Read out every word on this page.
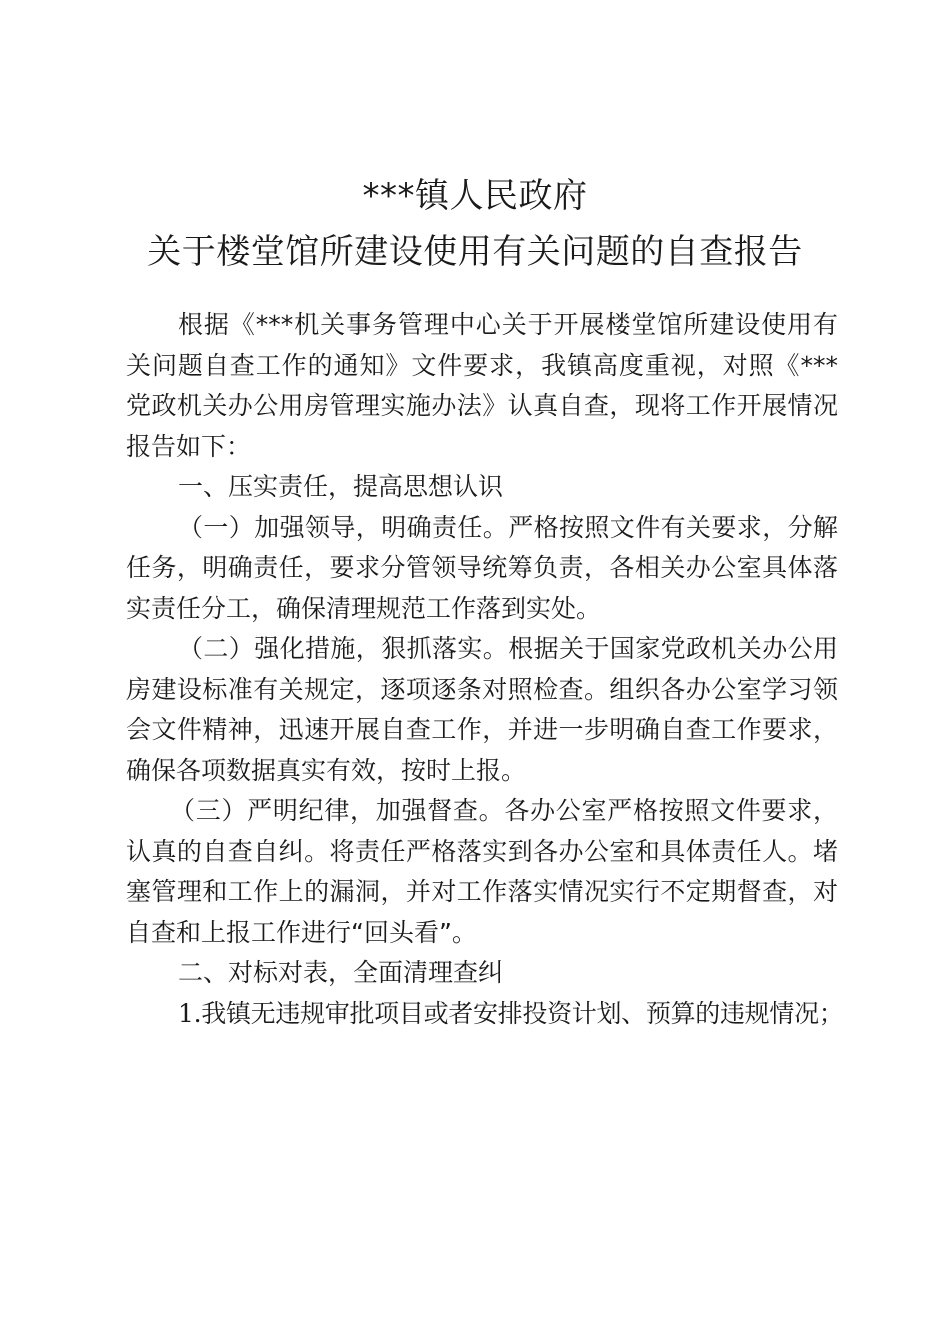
***镇人民政府
关于楼堂馆所建设使用有关问题的自查报告

根据《***机关事务管理中心关于开展楼堂馆所建设使用有关问题自查工作的通知》文件要求，我镇高度重视，对照《***党政机关办公用房管理实施办法》认真自查，现将工作开展情况报告如下：

一、压实责任，提高思想认识

（一）加强领导，明确责任。严格按照文件有关要求，分解任务，明确责任，要求分管领导统筹负责，各相关办公室具体落实责任分工，确保清理规范工作落到实处。

（二）强化措施，狠抓落实。根据关于国家党政机关办公用房建设标准有关规定，逐项逐条对照检查。组织各办公室学习领会文件精神，迅速开展自查工作，并进一步明确自查工作要求， 确保各项数据真实有效，按时上报。

（三）严明纪律，加强督查。各办公室严格按照文件要求，认真的自查自纠。将责任严格落实到各办公室和具体责任人。堵塞管理和工作上的漏洞，并对工作落实情况实行不定期督查，对自查和上报工作进行“回头看”。

二、对标对表，全面清理查纠

1.我镇无违规审批项目或者安排投资计划、预算的违规情况；
